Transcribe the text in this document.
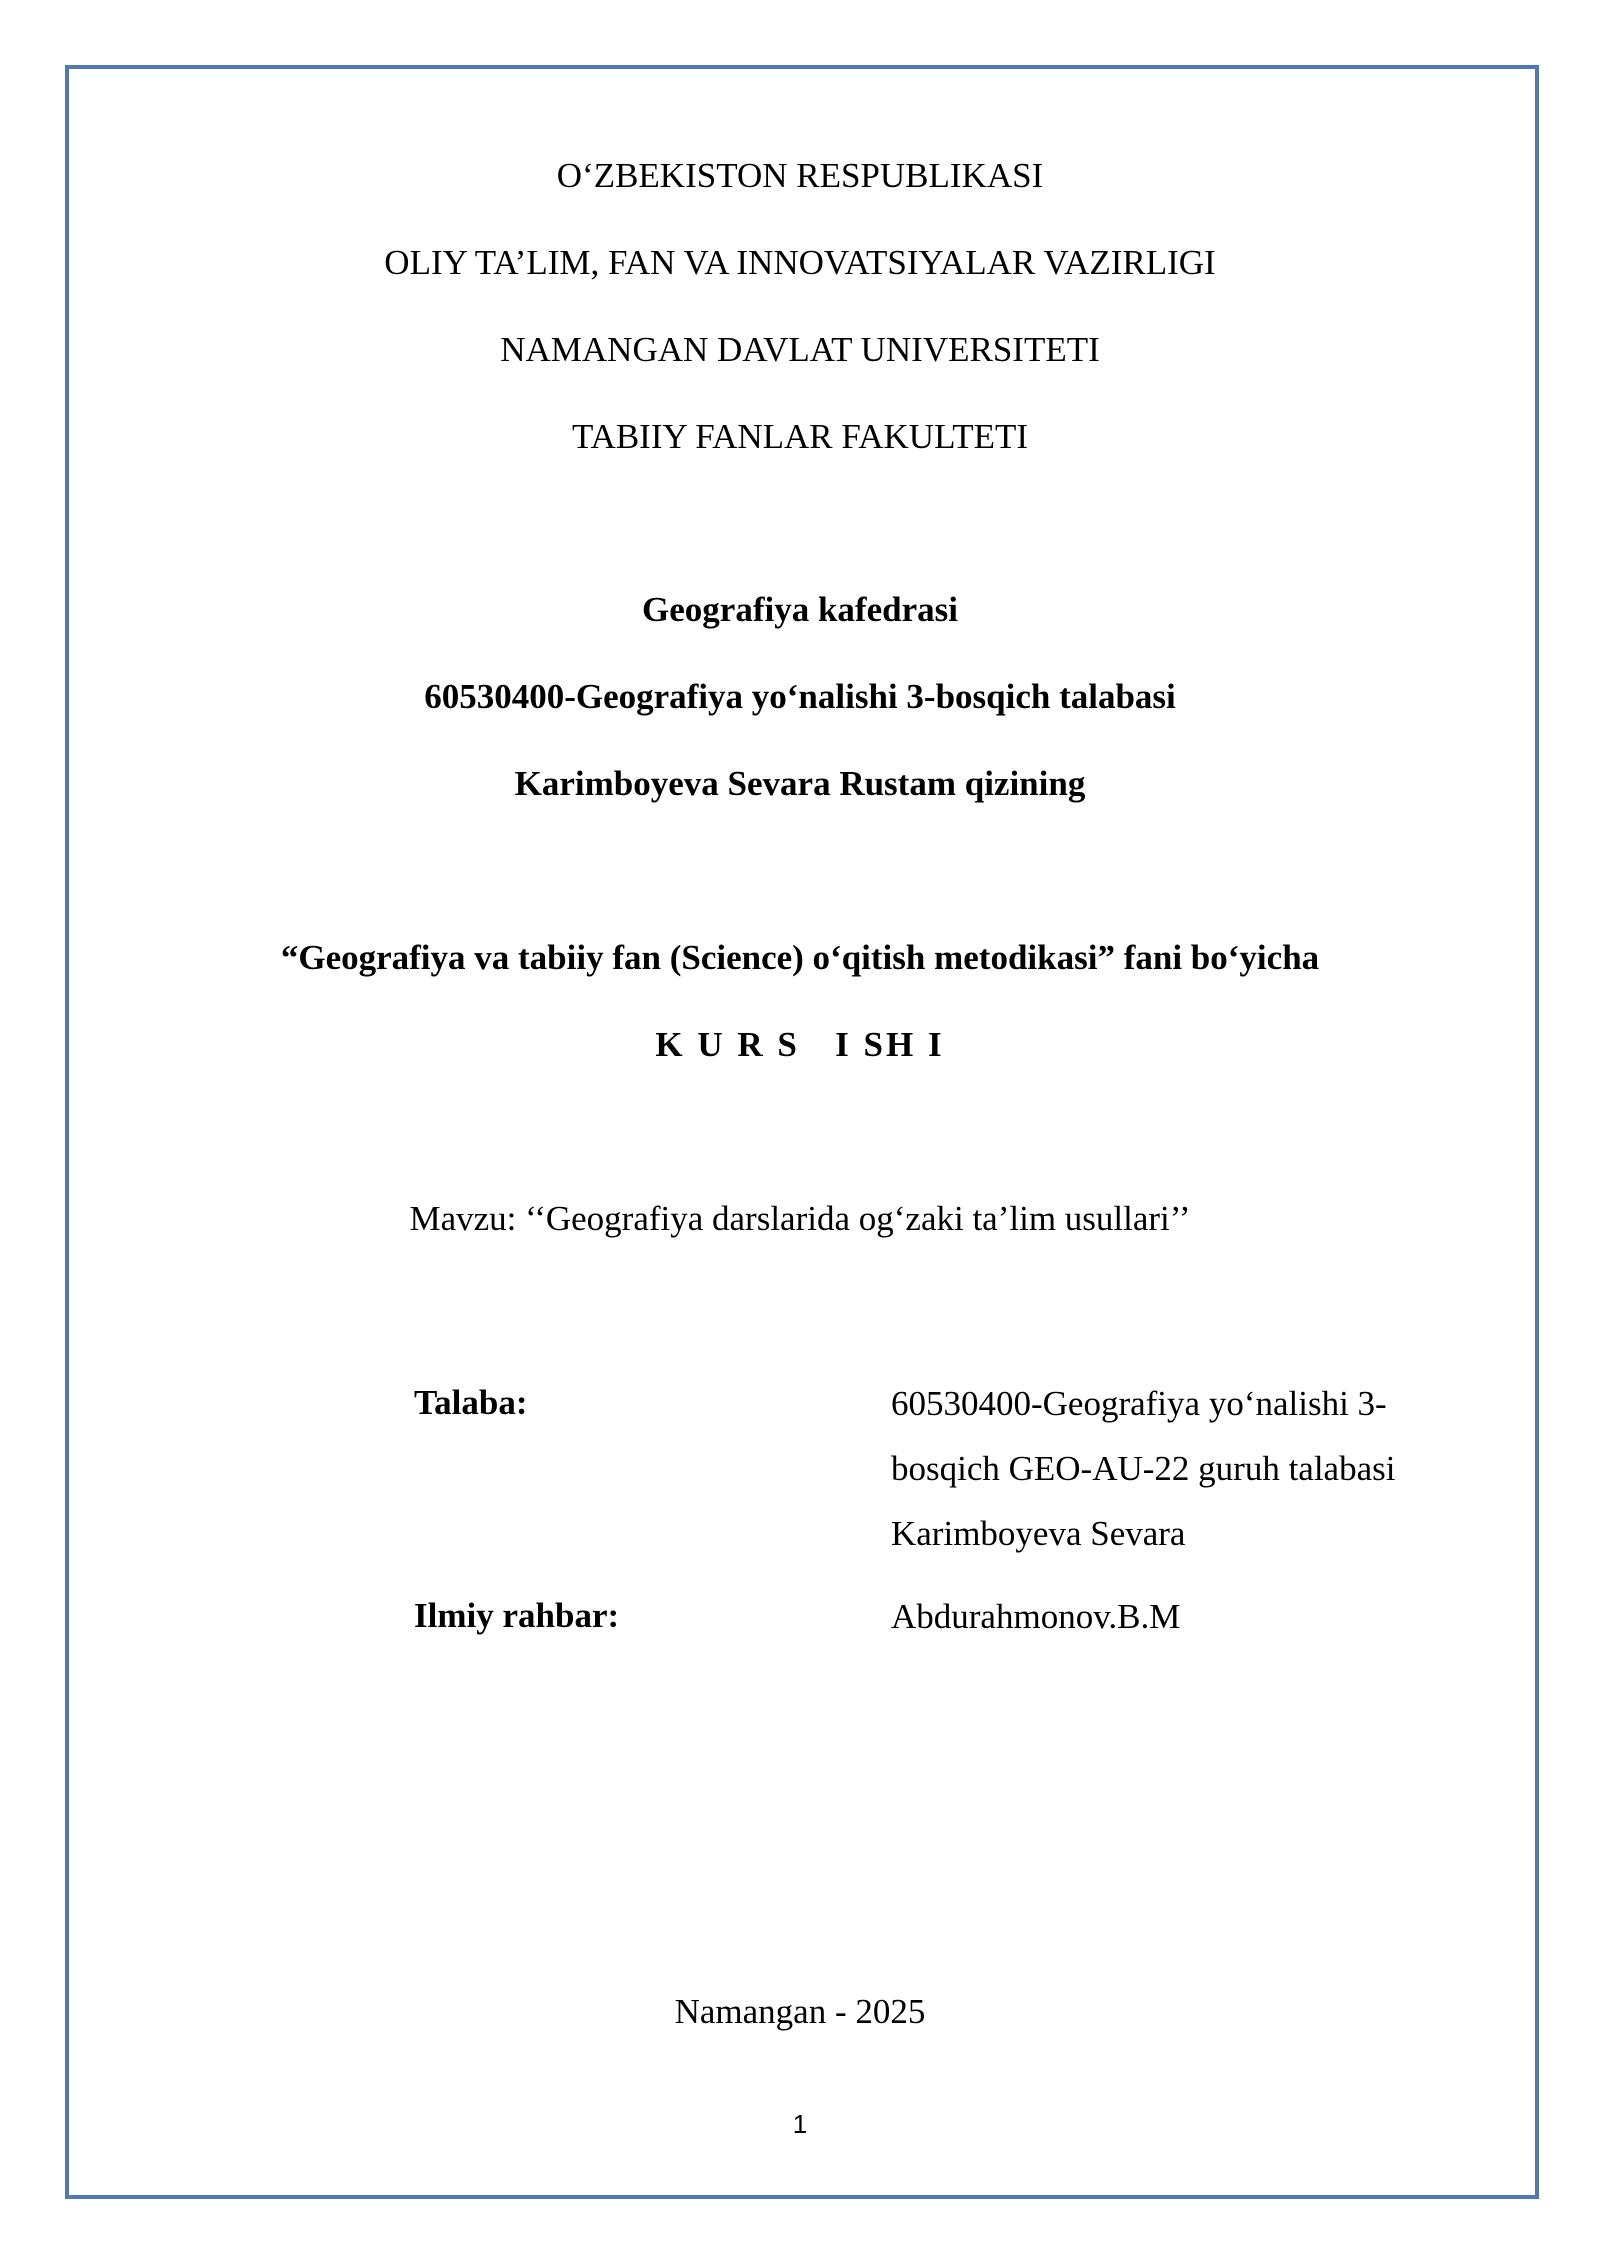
O‘ZBEKISTON RESPUBLIKASI
OLIY TA’LIM, FAN VA INNOVATSIYALAR VAZIRLIGI
NAMANGAN DAVLAT UNIVERSITETI
TABIIY FANLAR FAKULTETI
Geografiya kafedrasi
60530400-Geografiya yo‘nalishi 3-bosqich talabasi
Karimboyeva Sevara Rustam qizining
“Geografiya va tabiiy fan (Science) o‘qitish metodikasi” fani bo‘yicha
K U R S   I SH I
Mavzu: ‘‘Geografiya darslarida og‘zaki ta’lim usullari’’
Talaba:	60530400-Geografiya yo‘nalishi 3-
bosqich GEO-AU-22 guruh talabasi
Karimboyeva Sevara
Ilmiy rahbar:	Abdurahmonov.B.M
Namangan - 2025
1
